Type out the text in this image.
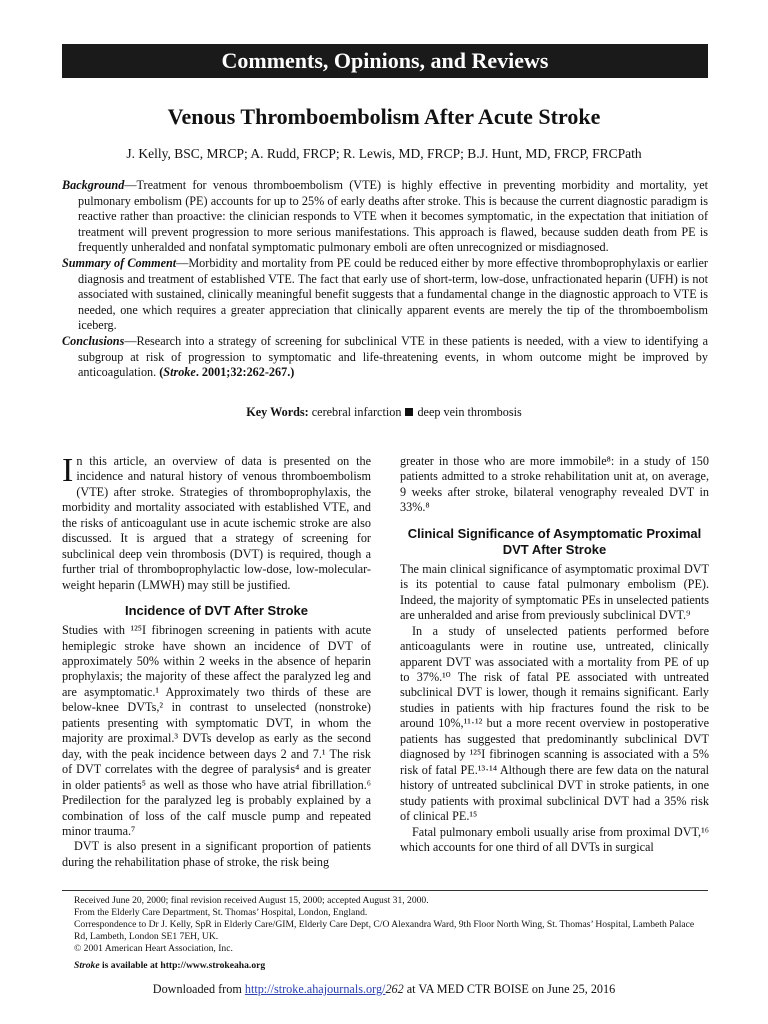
Comments, Opinions, and Reviews
Venous Thromboembolism After Acute Stroke
J. Kelly, BSC, MRCP; A. Rudd, FRCP; R. Lewis, MD, FRCP; B.J. Hunt, MD, FRCP, FRCPath

Background—Treatment for venous thromboembolism (VTE) is highly effective in preventing morbidity and mortality, yet pulmonary embolism (PE) accounts for up to 25% of early deaths after stroke. This is because the current diagnostic paradigm is reactive rather than proactive: the clinician responds to VTE when it becomes symptomatic, in the expectation that initiation of treatment will prevent progression to more serious manifestations. This approach is flawed, because sudden death from PE is frequently unheralded and nonfatal symptomatic pulmonary emboli are often unrecognized or misdiagnosed.

Summary of Comment—Morbidity and mortality from PE could be reduced either by more effective thromboprophylaxis or earlier diagnosis and treatment of established VTE. The fact that early use of short-term, low-dose, unfractionated heparin (UFH) is not associated with sustained, clinically meaningful benefit suggests that a fundamental change in the diagnostic approach to VTE is needed, one which requires a greater appreciation that clinically apparent events are merely the tip of the thromboembolism iceberg.

Conclusions—Research into a strategy of screening for subclinical VTE in these patients is needed, with a view to identifying a subgroup at risk of progression to symptomatic and life-threatening events, in whom outcome might be improved by anticoagulation. (Stroke. 2001;32:262-267.)

Key Words: cerebral infarction deep vein thrombosis

In this article, an overview of data is presented on the incidence and natural history of venous thromboembolism (VTE) after stroke. Strategies of thromboprophylaxis, the morbidity and mortality associated with established VTE, and the risks of anticoagulant use in acute ischemic stroke are also discussed. It is argued that a strategy of screening for subclinical deep vein thrombosis (DVT) is required, though a further trial of thromboprophylactic low-dose, low-molecular-weight heparin (LMWH) may still be justified.

Incidence of DVT After Stroke

Studies with ¹²⁵I fibrinogen screening in patients with acute hemiplegic stroke have shown an incidence of DVT of approximately 50% within 2 weeks in the absence of heparin prophylaxis; the majority of these affect the paralyzed leg and are asymptomatic.¹ Approximately two thirds of these are below-knee DVTs,² in contrast to unselected (nonstroke) patients presenting with symptomatic DVT, in whom the majority are proximal.³ DVTs develop as early as the second day, with the peak incidence between days 2 and 7.¹ The risk of DVT correlates with the degree of paralysis⁴ and is greater in older patients⁵ as well as those who have atrial fibrillation.⁶ Predilection for the paralyzed leg is probably explained by a combination of loss of the calf muscle pump and repeated minor trauma.⁷

DVT is also present in a significant proportion of patients during the rehabilitation phase of stroke, the risk being

greater in those who are more immobile⁸: in a study of 150 patients admitted to a stroke rehabilitation unit at, on average, 9 weeks after stroke, bilateral venography revealed DVT in 33%.⁸

Clinical Significance of Asymptomatic Proximal DVT After Stroke

The main clinical significance of asymptomatic proximal DVT is its potential to cause fatal pulmonary embolism (PE). Indeed, the majority of symptomatic PEs in unselected patients are unheralded and arise from previously subclinical DVT.⁹

In a study of unselected patients performed before anticoagulants were in routine use, untreated, clinically apparent DVT was associated with a mortality from PE of up to 37%.¹⁰ The risk of fatal PE associated with untreated subclinical DVT is lower, though it remains significant. Early studies in patients with hip fractures found the risk to be around 10%,¹¹·¹² but a more recent overview in postoperative patients has suggested that predominantly subclinical DVT diagnosed by ¹²⁵I fibrinogen scanning is associated with a 5% risk of fatal PE.¹³·¹⁴ Although there are few data on the natural history of untreated subclinical DVT in stroke patients, in one study patients with proximal subclinical DVT had a 35% risk of clinical PE.¹⁵

Fatal pulmonary emboli usually arise from proximal DVT,¹⁶ which accounts for one third of all DVTs in surgical

Received June 20, 2000; final revision received August 15, 2000; accepted August 31, 2000.

From the Elderly Care Department, St. Thomas’ Hospital, London, England.

Correspondence to Dr J. Kelly, SpR in Elderly Care/GIM, Elderly Care Dept, C/O Alexandra Ward, 9th Floor North Wing, St. Thomas’ Hospital, Lambeth Palace Rd, Lambeth, London SE1 7EH, UK.

© 2001 American Heart Association, Inc.

Stroke is available at http://www.strokeaha.org

Downloaded from http://stroke.ahajournals.org/262 at VA MED CTR BOISE on June 25, 2016
